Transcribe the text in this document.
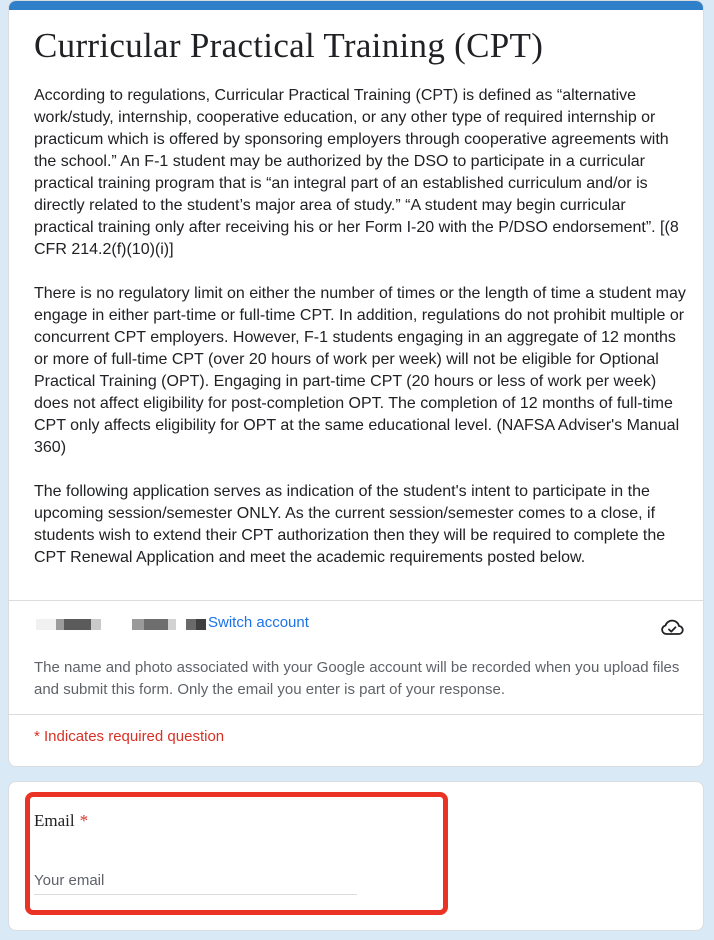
Curricular Practical Training (CPT)

According to regulations, Curricular Practical Training (CPT) is defined as “alternative work/study, internship, cooperative education, or any other type of required internship or practicum which is offered by sponsoring employers through cooperative agreements with the school.” An F-1 student may be authorized by the DSO to participate in a curricular practical training program that is “an integral part of an established curriculum and/or is directly related to the student’s major area of study.” “A student may begin curricular practical training only after receiving his or her Form I-20 with the P/DSO endorsement”. [(8 CFR 214.2(f)(10)(i)]

There is no regulatory limit on either the number of times or the length of time a student may engage in either part-time or full-time CPT. In addition, regulations do not prohibit multiple or concurrent CPT employers. However, F-1 students engaging in an aggregate of 12 months or more of full-time CPT (over 20 hours of work per week) will not be eligible for Optional Practical Training (OPT). Engaging in part-time CPT (20 hours or less of work per week) does not affect eligibility for post-completion OPT. The completion of 12 months of full-time CPT only affects eligibility for OPT at the same educational level. (NAFSA Adviser's Manual 360)

The following application serves as indication of the student's intent to participate in the upcoming session/semester ONLY. As the current session/semester comes to a close, if students wish to extend their CPT authorization then they will be required to complete the CPT Renewal Application and meet the academic requirements posted below.

Switch account
The name and photo associated with your Google account will be recorded when you upload files and submit this form. Only the email you enter is part of your response.
* Indicates required question
Email *
Your email
